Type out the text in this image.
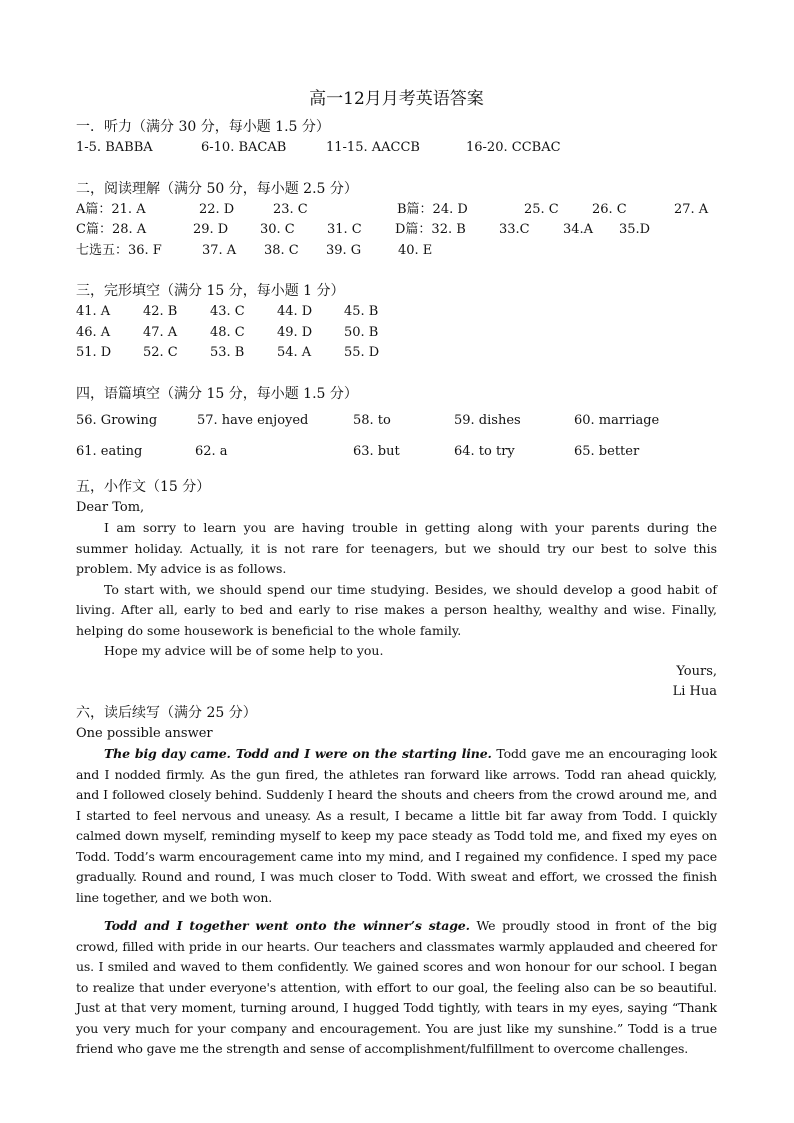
高一12月月考英语答案
一．听力（满分 30 分，每小题 1.5 分）
1-5. BABBA	6-10. BACAB	11-15. AACCB	16-20. CCBAC
二，阅读理解（满分 50 分，每小题 2.5 分）
A篇：21. A	22. D	23. C	B篇：24. D	25. C	26. C	27. A
C篇：28. A	29. D	30. C	31. C	D篇：32. B	33.C	34.A	35.D
七选五：36. F	37. A	38. C	39. G	40. E
三，完形填空（满分 15 分，每小题 1 分）
41. A	42. B	43. C	44. D	45. B
46. A	47. A	48. C	49. D	50. B
51. D	52. C	53. B	54. A	55. D
四，语篇填空（满分 15 分，每小题 1.5 分）
56. Growing	57. have enjoyed	58. to	59. dishes	60. marriage
61. eating	62. a	63. but	64. to try	65. better
五，小作文（15 分）
Dear Tom,
I am sorry to learn you are having trouble in getting along with your parents during the summer holiday. Actually, it is not rare for teenagers, but we should try our best to solve this problem. My advice is as follows.
To start with, we should spend our time studying. Besides, we should develop a good habit of living. After all, early to bed and early to rise makes a person healthy, wealthy and wise. Finally, helping do some housework is beneficial to the whole family.
Hope my advice will be of some help to you.
Yours,
Li Hua
六，读后续写（满分 25 分）
One possible answer
The big day came. Todd and I were on the starting line. Todd gave me an encouraging look and I nodded firmly. As the gun fired, the athletes ran forward like arrows. Todd ran ahead quickly, and I followed closely behind. Suddenly I heard the shouts and cheers from the crowd around me, and I started to feel nervous and uneasy. As a result, I became a little bit far away from Todd. I quickly calmed down myself, reminding myself to keep my pace steady as Todd told me, and fixed my eyes on Todd. Todd’s warm encouragement came into my mind, and I regained my confidence. I sped my pace gradually. Round and round, I was much closer to Todd. With sweat and effort, we crossed the finish line together, and we both won.
Todd and I together went onto the winner’s stage. We proudly stood in front of the big crowd, filled with pride in our hearts. Our teachers and classmates warmly applauded and cheered for us. I smiled and waved to them confidently. We gained scores and won honour for our school. I began to realize that under everyone's attention, with effort to our goal, the feeling also can be so beautiful. Just at that very moment, turning around, I hugged Todd tightly, with tears in my eyes, saying “Thank you very much for your company and encouragement. You are just like my sunshine.” Todd is a true friend who gave me the strength and sense of accomplishment/fulfillment to overcome challenges.
